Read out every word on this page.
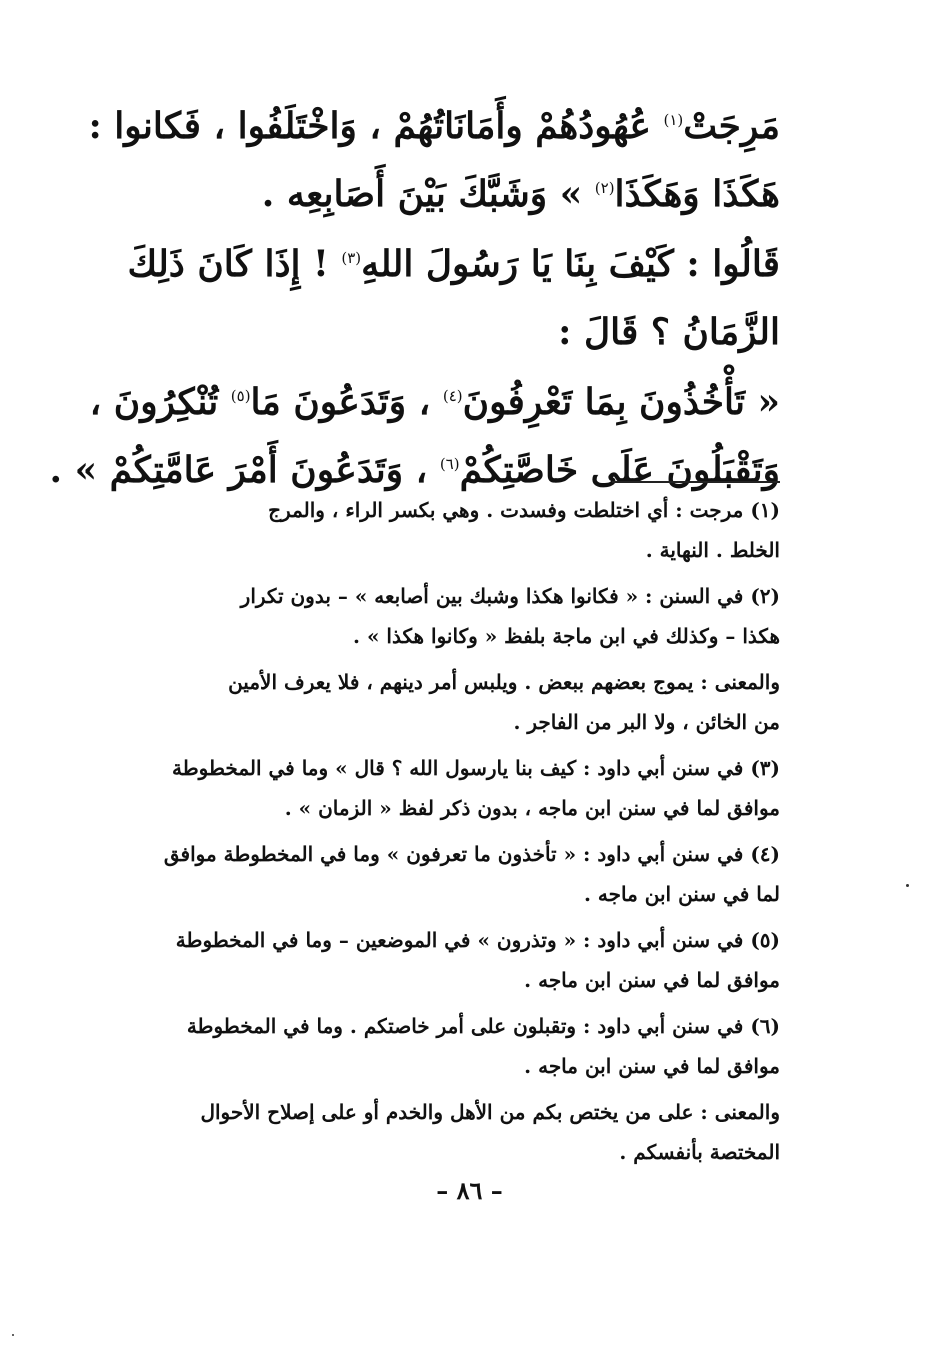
مَرِجَتْ$^{(١)}$ عُهُودُهُمْ وأَمَانَاتُهُمْ ، وَاخْتَلَفُوا ، فَكانوا :

هَكَذَا وَهَكَذَا$^{(٢)}$ » وَشَبَّكَ بَيْنَ أَصَابِعِه .

قَالُوا : كَيْفَ بِنَا يَا رَسُولَ اللهِ$^{(٣)}$ ! إِذَا كَانَ ذَلِكَ

الزَّمَانُ ؟ قَالَ :

« تَأْخُذُونَ بِمَا تَعْرِفُونَ$^{(٤)}$ ، وَتَدَعُونَ مَا$^{(٥)}$ تُنْكِرُونَ ،

وَتَقْبَلُونَ عَلَى خَاصَّتِكُمْ$^{(٦)}$ ، وَتَدَعُونَ أَمْرَ عَامَّتِكُمْ » .

(١) مرجت : أي اختلطت وفسدت . وهي بكسر الراء ، والمرج

الخلط . النهاية .

(٢) في السنن : « فكانوا هكذا وشبك بين أصابعه » – بدون تكرار

هكذا – وكذلك في ابن ماجة بلفظ « وكانوا هكذا » .

والمعنى : يموج بعضهم ببعض . ويلبس أمر دينهم ، فلا يعرف الأمين

من الخائن ، ولا البر من الفاجر .

(٣) في سنن أبي داود : كيف بنا يارسول الله ؟ قال » وما في المخطوطة

موافق لما في سنن ابن ماجه ، بدون ذكر لفظ « الزمان » .

(٤) في سنن أبي داود : « تأخذون ما تعرفون » وما في المخطوطة موافق

لما في سنن ابن ماجه .

(٥) في سنن أبي داود : « وتذرون » في الموضعين – وما في المخطوطة

موافق لما في سنن ابن ماجه .

(٦) في سنن أبي داود : وتقبلون على أمر خاصتكم . وما في المخطوطة

موافق لما في سنن ابن ماجه .

والمعنى : على من يختص بكم من الأهل والخدم أو على إصلاح الأحوال

المختصة بأنفسكم .

– ٨٦ –
